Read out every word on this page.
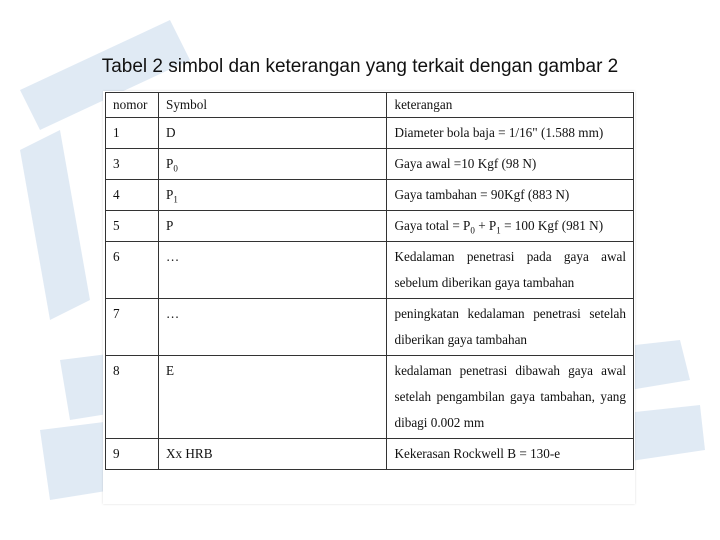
Tabel 2 simbol dan keterangan yang terkait dengan gambar 2
nomor	Symbol	keterangan
1	D	Diameter bola baja = 1/16" (1.588 mm)
3	$P_0$	Gaya awal =10 Kgf (98 N)
4	$P_1$	Gaya tambahan = 90Kgf (883 N)
5	P	Gaya total = $P_0 + P_1 = 100$ Kgf (981 N)
6	…	Kedalaman penetrasi pada gaya awal sebelum diberikan gaya tambahan
7	…	peningkatan kedalaman penetrasi setelah diberikan gaya tambahan
8	E	kedalaman penetrasi dibawah gaya awal setelah pengambilan gaya tambahan, yang dibagi 0.002 mm
9	Xx HRB	Kekerasan Rockwell B = 130-e
